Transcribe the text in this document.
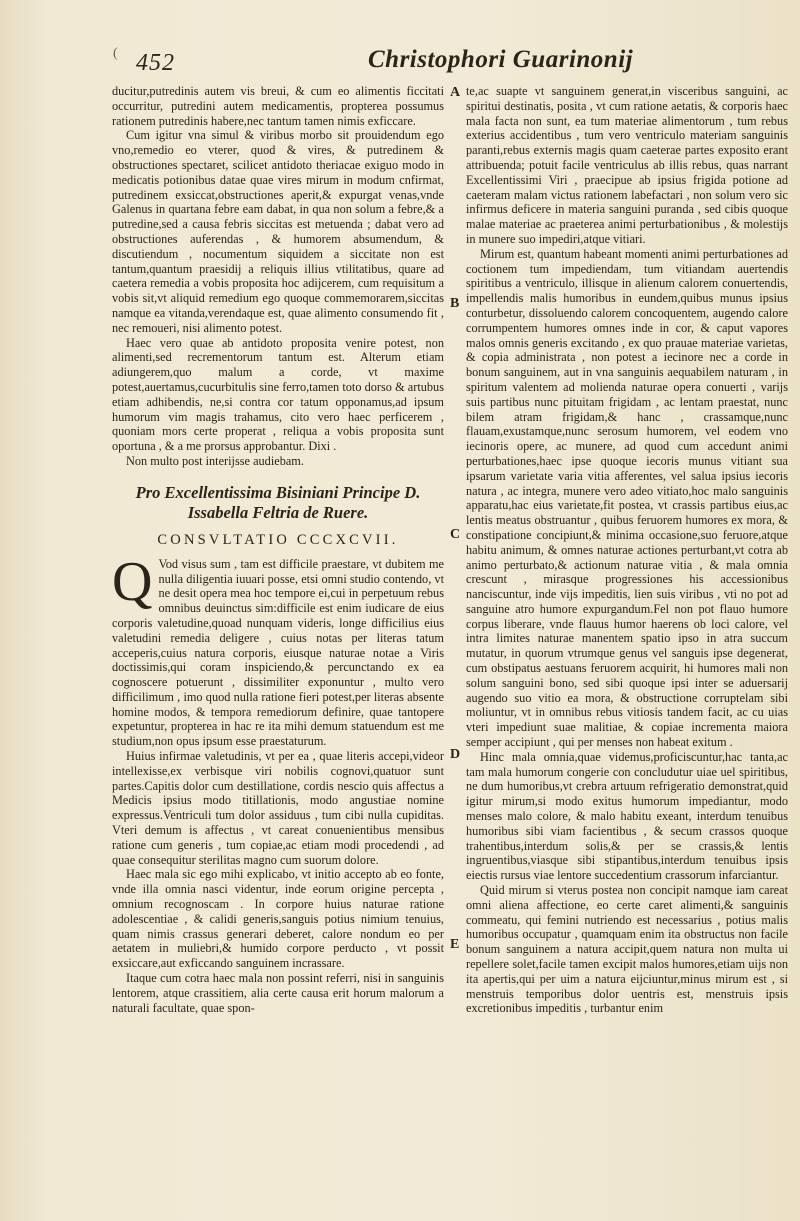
( 452	Christophori Guarinonij
A
B
C
D
E

ducitur,putredinis autem vis breui, & cum eo alimentis ficcitati occurritur, putredini autem medicamentis, propterea possumus rationem putredinis habere,nec tantum tamen nimis exficcare.

Cum igitur vna simul & viribus morbo sit prouidendum ego vno,remedio eo vterer, quod & vires, & putredinem & obstructiones spectaret, scilicet antidoto theriacae exiguo modo in medicatis potionibus datae quae vires mirum in modum cnfirmat, putredinem exsiccat,obstructiones aperit,& expurgat venas,vnde Galenus in quartana febre eam dabat, in qua non solum a febre,& a putredine,sed a causa febris siccitas est metuenda ; dabat vero ad obstructiones auferendas , & humorem absumendum, & discutiendum , nocumentum siquidem a siccitate non est tantum,quantum praesidij a reliquis illius vtilitatibus, quare ad caetera remedia a vobis proposita hoc adijcerem, cum requisitum a vobis sit,vt aliquid remedium ego quoque commemorarem,siccitas namque ea vitanda,verendaque est, quae alimento consumendo fit , nec remoueri, nisi alimento potest.

Haec vero quae ab antidoto proposita venire potest, non alimenti,sed recrementorum tantum est. Alterum etiam adiungerem,quo malum a corde, vt maxime potest,auertamus,cucurbitulis sine ferro,tamen toto dorso & artubus etiam adhibendis, ne,si contra cor tatum opponamus,ad ipsum humorum vim magis trahamus, cito vero haec perficerem , quoniam mors certe properat , reliqua a vobis proposita sunt oportuna , & a me prorsus approbantur. Dixi .

Non multo post interijsse audiebam.

Pro Excellentissima Bisiniani Principe D.
Issabella Feltria de Ruere.
CONSVLTATIO CCCXCVII.

Q Vod visus sum , tam est difficile praestare, vt dubitem me nulla diligentia iuuari posse, etsi omni studio contendo, vt ne desit opera mea hoc tempore ei,cui in perpetuum rebus omnibus deuinctus sim:difficile est enim iudicare de eius corporis valetudine,quoad nunquam videris, longe difficilius eius valetudini remedia deligere , cuius notas per literas tatum acceperis,cuius natura corporis, eiusque naturae notae a Viris doctissimis,qui coram inspiciendo,& percunctando ex ea cognoscere potuerunt , dissimiliter exponuntur , multo vero difficilimum , imo quod nulla ratione fieri potest,per literas absente homine modos, & tempora remediorum definire, quae tantopere expetuntur, propterea in hac re ita mihi demum statuendum est me studium,non opus ipsum esse praestaturum.

Huius infirmae valetudinis, vt per ea , quae literis accepi,videor intellexisse,ex verbisque viri nobilis cognovi,quatuor sunt partes.Capitis dolor cum destillatione, cordis nescio quis affectus a Medicis ipsius modo titillationis, modo angustiae nomine expressus.Ventriculi tum dolor assiduus , tum cibi nulla cupiditas. Vteri demum is affectus , vt careat conuenientibus mensibus ratione cum generis , tum copiae,ac etiam modi procedendi , ad quae consequitur sterilitas magno cum suorum dolore.

Haec mala sic ego mihi explicabo, vt initio accepto ab eo fonte, vnde illa omnia nasci videntur, inde eorum origine percepta , omnium recognoscam . In corpore huius naturae ratione adolescentiae , & calidi generis,sanguis potius nimium tenuius, quam nimis crassus generari deberet, calore nondum eo per aetatem in muliebri,& humido corpore perducto , vt possit exsiccare,aut exficcando sanguinem incrassare.

Itaque cum cotra haec mala non possint referri, nisi in sanguinis lentorem, atque crassitiem, alia certe causa erit horum malorum a naturali facultate, quae spon-

te,ac suapte vt sanguinem generat,in visceribus sanguini, ac spiritui destinatis, posita , vt cum ratione aetatis, & corporis haec mala facta non sunt, ea tum materiae alimentorum , tum rebus exterius accidentibus , tum vero ventriculo materiam sanguinis paranti,rebus externis magis quam caeterae partes exposito erant attribuenda; potuit facile ventriculus ab illis rebus, quas narrant Excellentissimi Viri , praecipue ab ipsius frigida potione ad caeteram malam victus rationem labefactari , non solum vero sic infirmus deficere in materia sanguini puranda , sed cibis quoque malae materiae ac praeterea animi perturbationibus , & molestijs in munere suo impediri,atque vitiari.

Mirum est, quantum habeant momenti animi perturbationes ad coctionem tum impediendam, tum vitiandam auertendis spiritibus a ventriculo, illisque in alienum calorem conuertendis, impellendis malis humoribus in eundem,quibus munus ipsius conturbetur, dissoluendo calorem concoquentem, augendo calore corrumpentem humores omnes inde in cor, & caput vapores malos omnis generis excitando , ex quo prauae materiae varietas, & copia administrata , non potest a iecinore nec a corde in bonum sanguinem, aut in vna sanguinis aequabilem naturam , in spiritum valentem ad molienda naturae opera conuerti , varijs suis partibus nunc pituitam frigidam , ac lentam praestat, nunc bilem atram frigidam,& hanc , crassamque,nunc flauam,exustamque,nunc serosum humorem, vel eodem vno iecinoris opere, ac munere, ad quod cum accedunt animi perturbationes,haec ipse quoque iecoris munus vitiant sua ipsarum varietate varia vitia afferentes, vel salua ipsius iecoris natura , ac integra, munere vero adeo vitiato,hoc malo sanguinis apparatu,hac eius varietate,fit postea, vt crassis partibus eius,ac lentis meatus obstruantur , quibus feruorem humores ex mora, & constipatione concipiunt,& minima occasione,suo feruore,atque habitu animum, & omnes naturae actiones perturbant,vt cotra ab animo perturbato,& actionum naturae vitia , & mala omnia crescunt , mirasque progressiones his accessionibus nanciscuntur, inde vijs impeditis, lien suis viribus , vti no pot ad sanguine atro humore expurgandum.Fel non pot flauo humore corpus liberare, vnde flauus humor haerens ob loci calore, vel intra limites naturae manentem spatio ipso in atra succum mutatur, in quorum vtrumque genus vel sanguis ipse degenerat, cum obstipatus aestuans feruorem acquirit, hi humores mali non solum sanguini bono, sed sibi quoque ipsi inter se aduersarij augendo suo vitio ea mora, & obstructione corruptelam sibi moliuntur, vt in omnibus rebus vitiosis tandem facit, ac cu uias vteri impediunt suae malitiae, & copiae incrementa maiora semper accipiunt , qui per menses non habeat exitum .

Hinc mala omnia,quae videmus,proficiscuntur,hac tanta,ac tam mala humorum congerie con concludutur uiae uel spiritibus, ne dum humoribus,vt crebra artuum refrigeratio demonstrat,quid igitur mirum,si modo exitus humorum impediantur, modo menses malo colore, & malo habitu exeant, interdum tenuibus humoribus sibi viam facientibus , & secum crassos quoque trahentibus,interdum solis,& per se crassis,& lentis ingruentibus,viasque sibi stipantibus,interdum tenuibus ipsis eiectis rursus viae lentore succedentium crassorum infarciantur.

Quid mirum si vterus postea non concipit namque iam careat omni aliena affectione, eo certe caret alimenti,& sanguinis commeatu, qui femini nutriendo est necessarius , potius malis humoribus occupatur , quamquam enim ita obstructus non facile bonum sanguinem a natura accipit,quem natura non multa ui repellere solet,facile tamen excipit malos humores,etiam uijs non ita apertis,qui per uim a natura eijciuntur,minus mirum est , si menstruis temporibus dolor uentris est, menstruis ipsis excretionibus impeditis , turbantur enim
